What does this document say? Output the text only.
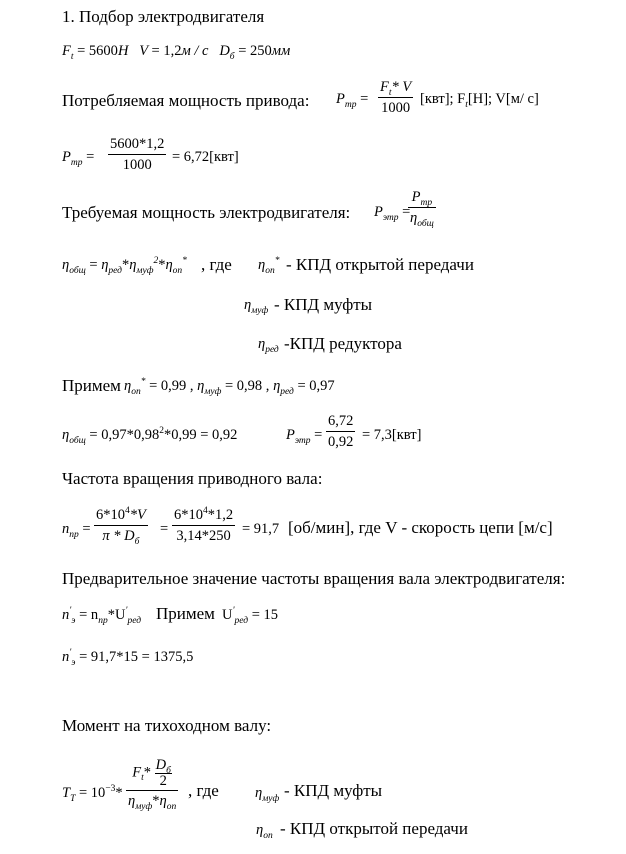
1. Подбор электродвигателя
$F_t = 5600Н$ V = 1,2м / с $D_б = 250мм$
Потребляемая мощность привода: $P_{тр} = \frac{F_t* V}{1000} [квт]$; $F_t[Н]$; V[м/ с]
$P_{тр} = \frac{5600*1,2}{1000} = 6,72[квт]$
Требуемая мощность электродвигателя: $P_{этр}$ =
$P_{тр}$
$\eta_{общ}$
$\eta_{общ} = \eta_{ред}*\eta_{муф}^2*\eta_{оп}^*$ , где $\eta_{оп}^*$ - КПД открытой передачи
$\eta_{муф}$ - КПД муфты
$\eta_{ред}$ -КПД редуктора
Примем $\eta_{оп}^* = 0,99$ , $\eta_{муф} = 0,98$ , $\eta_{ред} = 0,97$
$\eta_{общ} = 0,97*0,98^2*0,99 = 0,92$	$P_{этр} = \frac{6,72}{0,92} = 7,3[квт]$
Частота вращения приводного вала:
$n_{пр}$ =
$6*10^4*V$
π * $D_б$
= $\frac{6*10^4*1,2}{3,14*250} = 91,7$ [об/мин], где V - скорость цепи [м/с]
Предварительное значение частоты вращения вала электродвигателя:
$n'_э = n_{пр}*U'_{ред}$ Примем $U'_{ред} = 15$
$n'_э = 91,7*15 = 1375,5$
Момент на тихоходном валу:
$T_T = 10^{-3}*$
$F_t*$ $D_б$
2
$\eta_{муф}*\eta_{оп}$
, где $\eta_{муф}$ - КПД муфты
$\eta_{оп}$ - КПД открытой передачи
